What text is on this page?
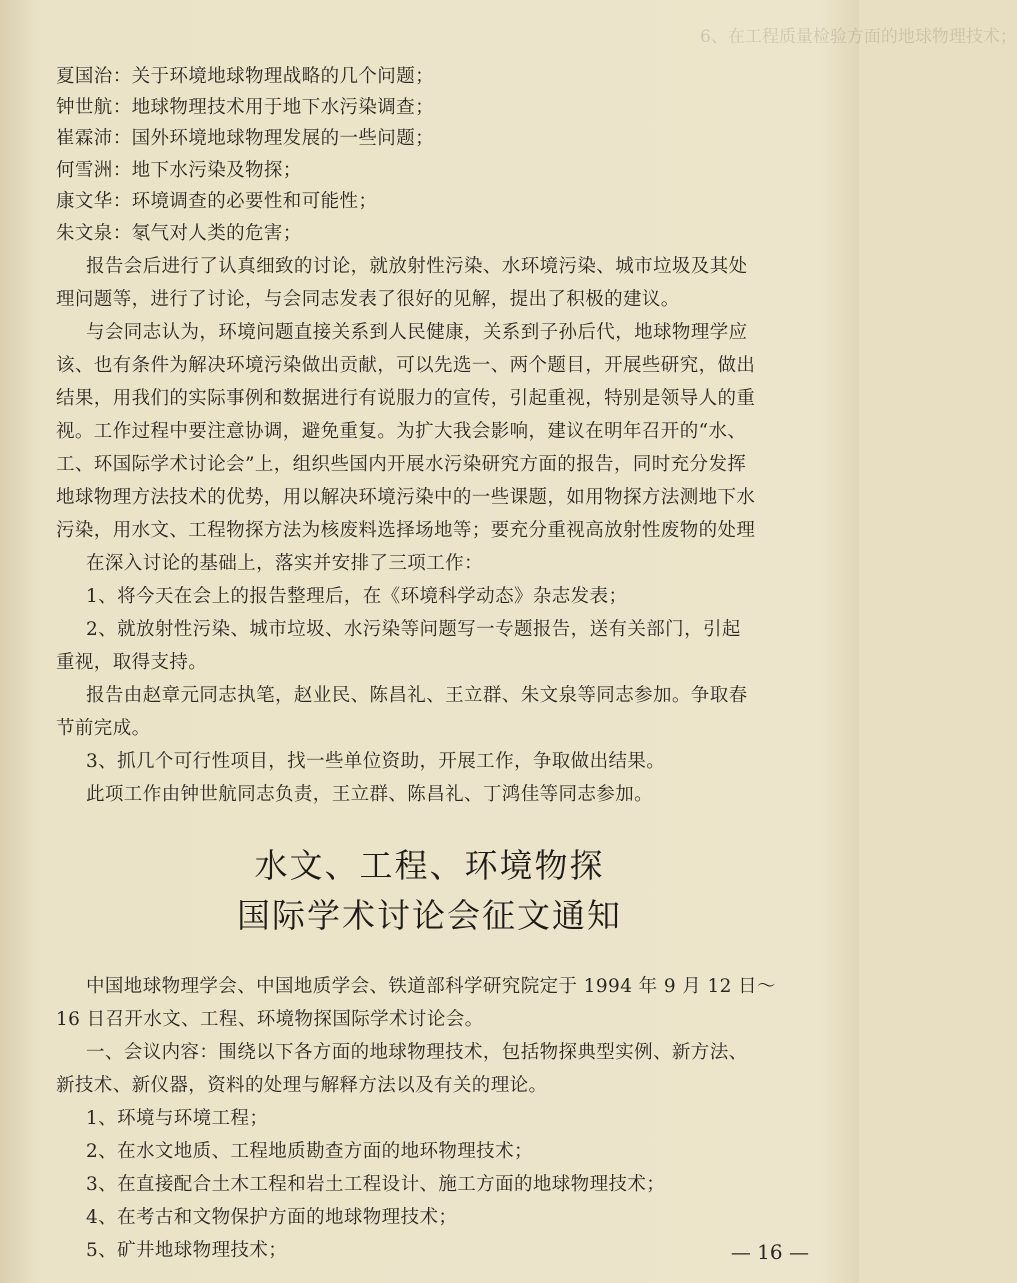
6、在工程质量检验方面的地球物理技术；
夏国治：关于环境地球物理战略的几个问题；
钟世航：地球物理技术用于地下水污染调查；
崔霖沛：国外环境地球物理发展的一些问题；
何雪洲：地下水污染及物探；
康文华：环境调查的必要性和可能性；
朱文泉：氡气对人类的危害；
报告会后进行了认真细致的讨论，就放射性污染、水环境污染、城市垃圾及其处
理问题等，进行了讨论，与会同志发表了很好的见解，提出了积极的建议。
与会同志认为，环境问题直接关系到人民健康，关系到子孙后代，地球物理学应
该、也有条件为解决环境污染做出贡献，可以先选一、两个题目，开展些研究，做出
结果，用我们的实际事例和数据进行有说服力的宣传，引起重视，特别是领导人的重
视。工作过程中要注意协调，避免重复。为扩大我会影响，建议在明年召开的“水、
工、环国际学术讨论会”上，组织些国内开展水污染研究方面的报告，同时充分发挥
地球物理方法技术的优势，用以解决环境污染中的一些课题，如用物探方法测地下水
污染，用水文、工程物探方法为核废料选择场地等；要充分重视高放射性废物的处理
在深入讨论的基础上，落实并安排了三项工作：
1、将今天在会上的报告整理后，在《环境科学动态》杂志发表；
2、就放射性污染、城市垃圾、水污染等问题写一专题报告，送有关部门，引起
重视，取得支持。
报告由赵章元同志执笔，赵业民、陈昌礼、王立群、朱文泉等同志参加。争取春
节前完成。
3、抓几个可行性项目，找一些单位资助，开展工作，争取做出结果。
此项工作由钟世航同志负责，王立群、陈昌礼、丁鸿佳等同志参加。
水文、工程、环境物探
国际学术讨论会征文通知
中国地球物理学会、中国地质学会、铁道部科学研究院定于 1994 年 9 月 12 日～
16 日召开水文、工程、环境物探国际学术讨论会。
一、会议内容：围绕以下各方面的地球物理技术，包括物探典型实例、新方法、
新技术、新仪器，资料的处理与解释方法以及有关的理论。
1、环境与环境工程；
2、在水文地质、工程地质勘查方面的地环物理技术；
3、在直接配合土木工程和岩土工程设计、施工方面的地球物理技术；
4、在考古和文物保护方面的地球物理技术；
5、矿井地球物理技术；	— 16 —
